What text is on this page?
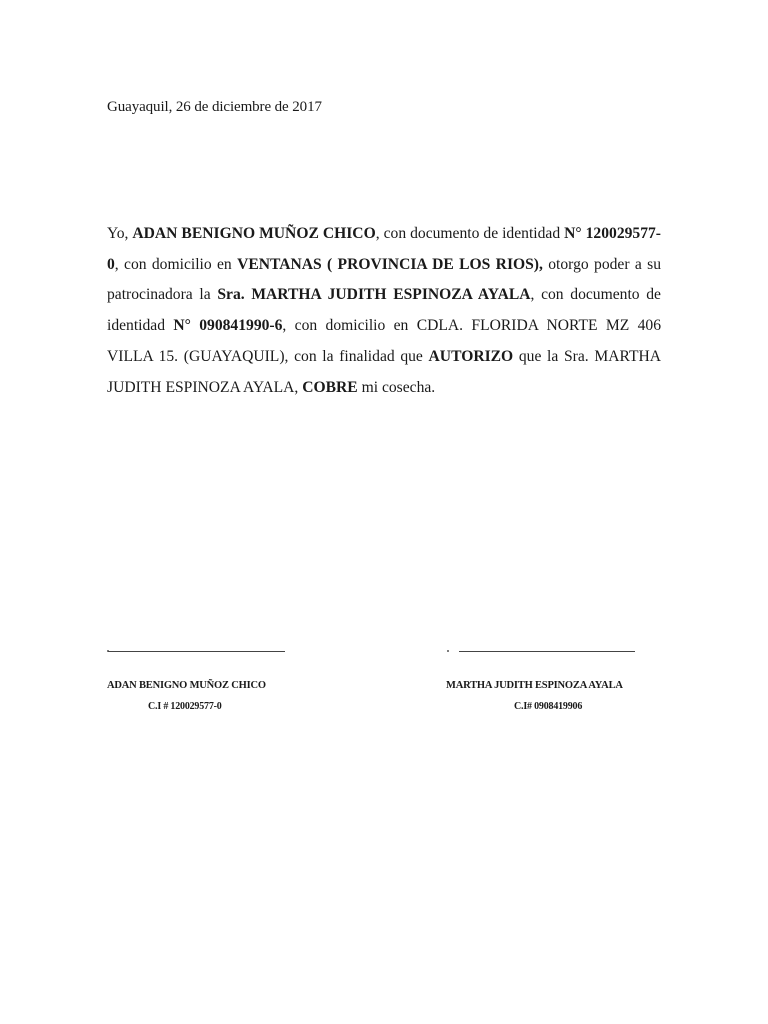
Guayaquil, 26 de diciembre de 2017
Yo, ADAN BENIGNO MUÑOZ CHICO, con documento de identidad N° 120029577-0, con domicilio en VENTANAS ( PROVINCIA DE LOS RIOS), otorgo poder a su patrocinadora la Sra. MARTHA JUDITH ESPINOZA AYALA, con documento de identidad N° 090841990-6, con domicilio en CDLA. FLORIDA NORTE MZ 406 VILLA 15. (GUAYAQUIL), con la finalidad que AUTORIZO que la Sra. MARTHA JUDITH ESPINOZA AYALA, COBRE mi cosecha.
ADAN BENIGNO MUÑOZ CHICO
C.I # 120029577-0
MARTHA JUDITH ESPINOZA AYALA
C.I# 0908419906
